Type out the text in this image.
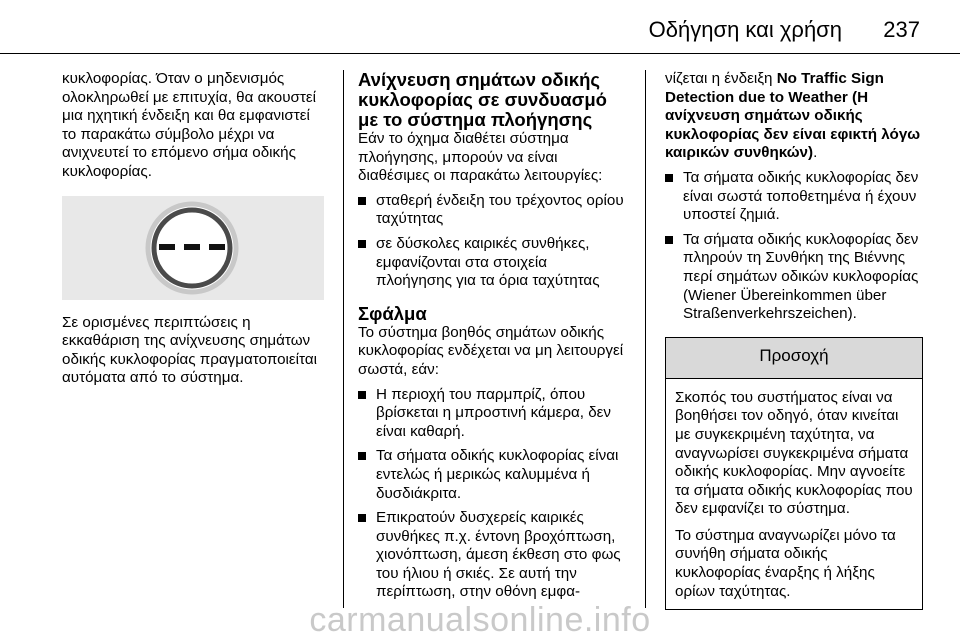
Οδήγηση και χρήση 237

κυκλοφορίας. Όταν ο μηδενισμός ολοκληρωθεί με επιτυχία, θα ακουστεί μια ηχητική ένδειξη και θα εμφανιστεί το παρακάτω σύμβολο μέχρι να ανιχνευτεί το επόμενο σήμα οδικής κυκλοφορίας.

Σε ορισμένες περιπτώσεις η εκκαθάριση της ανίχνευσης σημάτων οδικής κυκλοφορίας πραγματοποιείται αυτόματα από το σύστημα.

Ανίχνευση σημάτων οδικής κυκλοφορίας σε συνδυασμό με το σύστημα πλοήγησης

Εάν το όχημα διαθέτει σύστημα πλοήγησης, μπορούν να είναι διαθέσιμες οι παρακάτω λειτουργίες:

σταθερή ένδειξη του τρέχοντος ορίου ταχύτητας
σε δύσκολες καιρικές συνθήκες, εμφανίζονται στα στοιχεία πλοήγησης για τα όρια ταχύτητας
Σφάλμα

Το σύστημα βοηθός σημάτων οδικής κυκλοφορίας ενδέχεται να μη λειτουργεί σωστά, εάν:

Η περιοχή του παρμπρίζ, όπου βρίσκεται η μπροστινή κάμερα, δεν είναι καθαρή.
Τα σήματα οδικής κυκλοφορίας είναι εντελώς ή μερικώς καλυμμένα ή δυσδιάκριτα.
Επικρατούν δυσχερείς καιρικές συνθήκες π.χ. έντονη βροχόπτωση, χιονόπτωση, άμεση έκθεση στο φως του ήλιου ή σκιές. Σε αυτή την περίπτωση, στην οθόνη εμφα-

νίζεται η ένδειξη No Traffic Sign Detection due to Weather (Η ανίχνευση σημάτων οδικής κυκλοφορίας δεν είναι εφικτή λόγω καιρικών συνθηκών).

Τα σήματα οδικής κυκλοφορίας δεν είναι σωστά τοποθετημένα ή έχουν υποστεί ζημιά.
Τα σήματα οδικής κυκλοφορίας δεν πληρούν τη Συνθήκη της Βιέννης περί σημάτων οδικών κυκλοφορίας (Wiener Übereinkommen über Straßenverkehrszeichen).
Προσοχή

Σκοπός του συστήματος είναι να βοηθήσει τον οδηγό, όταν κινείται με συγκεκριμένη ταχύτητα, να αναγνωρίσει συγκεκριμένα σήματα οδικής κυκλοφορίας. Μην αγνοείτε τα σήματα οδικής κυκλοφορίας που δεν εμφανίζει το σύστημα.

Το σύστημα αναγνωρίζει μόνο τα συνήθη σήματα οδικής κυκλοφορίας έναρξης ή λήξης ορίων ταχύτητας.

carmanualsonline.info
